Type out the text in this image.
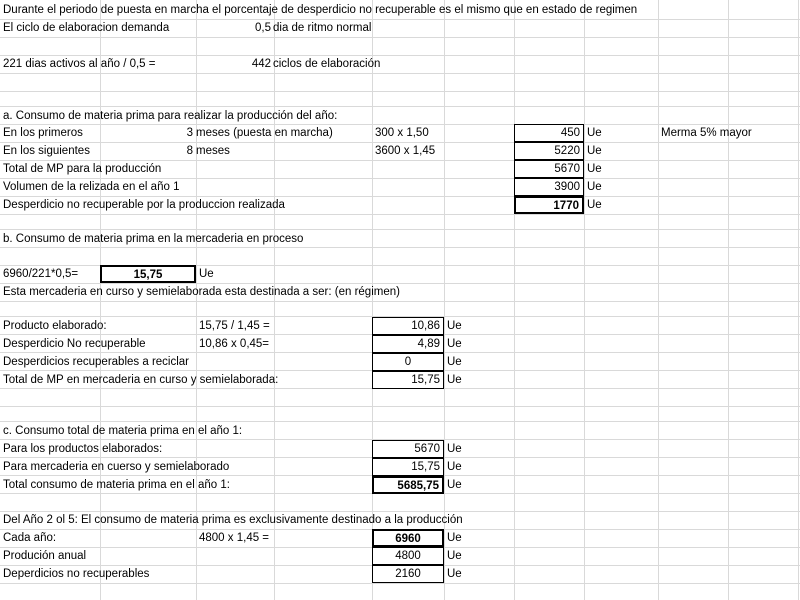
Durante el periodo de puesta en marcha el porcentaje de desperdicio no recuperable es el mismo que en estado de regimen
El ciclo de elaboracion demanda	0,5 dia de ritmo normal
221 dias activos al año / 0,5 =	442 ciclos de elaboración
a. Consumo de materia prima para realizar la producción del año:
En los primeros	3 meses (puesta en marcha)	300 x 1,50	450 Ue	Merma 5% mayor
En los siguientes	8 meses	3600 x 1,45	5220 Ue
Total de MP para la producción	5670 Ue
Volumen de la relizada en el año 1	3900 Ue
Desperdicio no recuperable por la produccion realizada	1770 Ue
b. Consumo de materia prima en la mercaderia en proceso
6960/221*0,5=	15,75	Ue
Esta mercaderia en curso y semielaborada esta destinada a ser: (en régimen)
Producto elaborado:	15,75 / 1,45 =	10,86 Ue
Desperdicio No recuperable	10,86 x 0,45=	4,89 Ue
Desperdicios recuperables a reciclar	0	Ue
Total de MP en mercaderia en curso y semielaborada:	15,75 Ue
c. Consumo total de materia prima en el año 1:
Para los productos elaborados:	5670 Ue
Para mercaderia en cuerso y semielaborado	15,75 Ue
Total consumo de materia prima en el año 1:	5685,75 Ue
Del Año 2 ol 5: El consumo de materia prima es exclusivamente destinado a la producción
Cada año:	4800 x 1,45 =	6960	Ue
Produción anual	4800	Ue
Deperdicios no recuperables	2160	Ue
